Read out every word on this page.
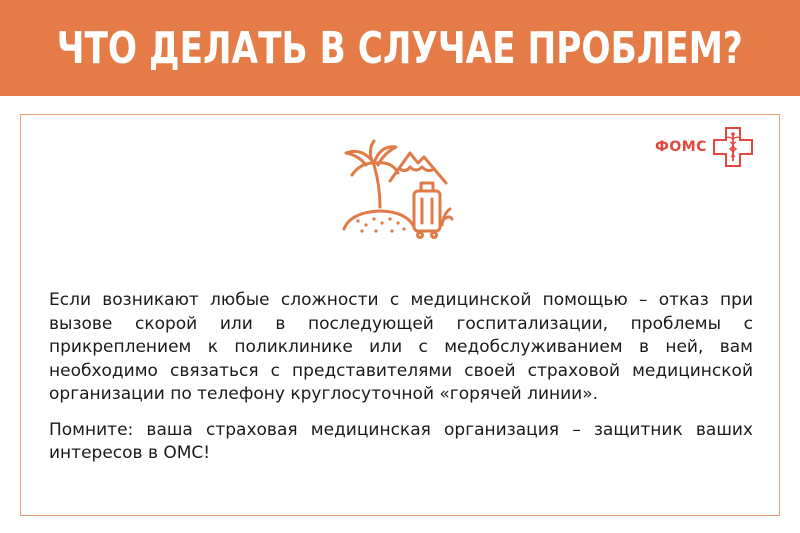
ЧТО ДЕЛАТЬ В СЛУЧАЕ ПРОБЛЕМ?
ФОМС

Если возникают любые сложности с медицинской помощью – отказ при вызове скорой или в последующей госпитализации, проблемы с прикреплением к поликлинике или с медобслуживанием в ней, вам необходимо связаться с представителями своей страховой медицинской организации по телефону круглосуточной «горячей линии».

Помните: ваша страховая медицинская организация – защитник ваших интересов в ОМС!
